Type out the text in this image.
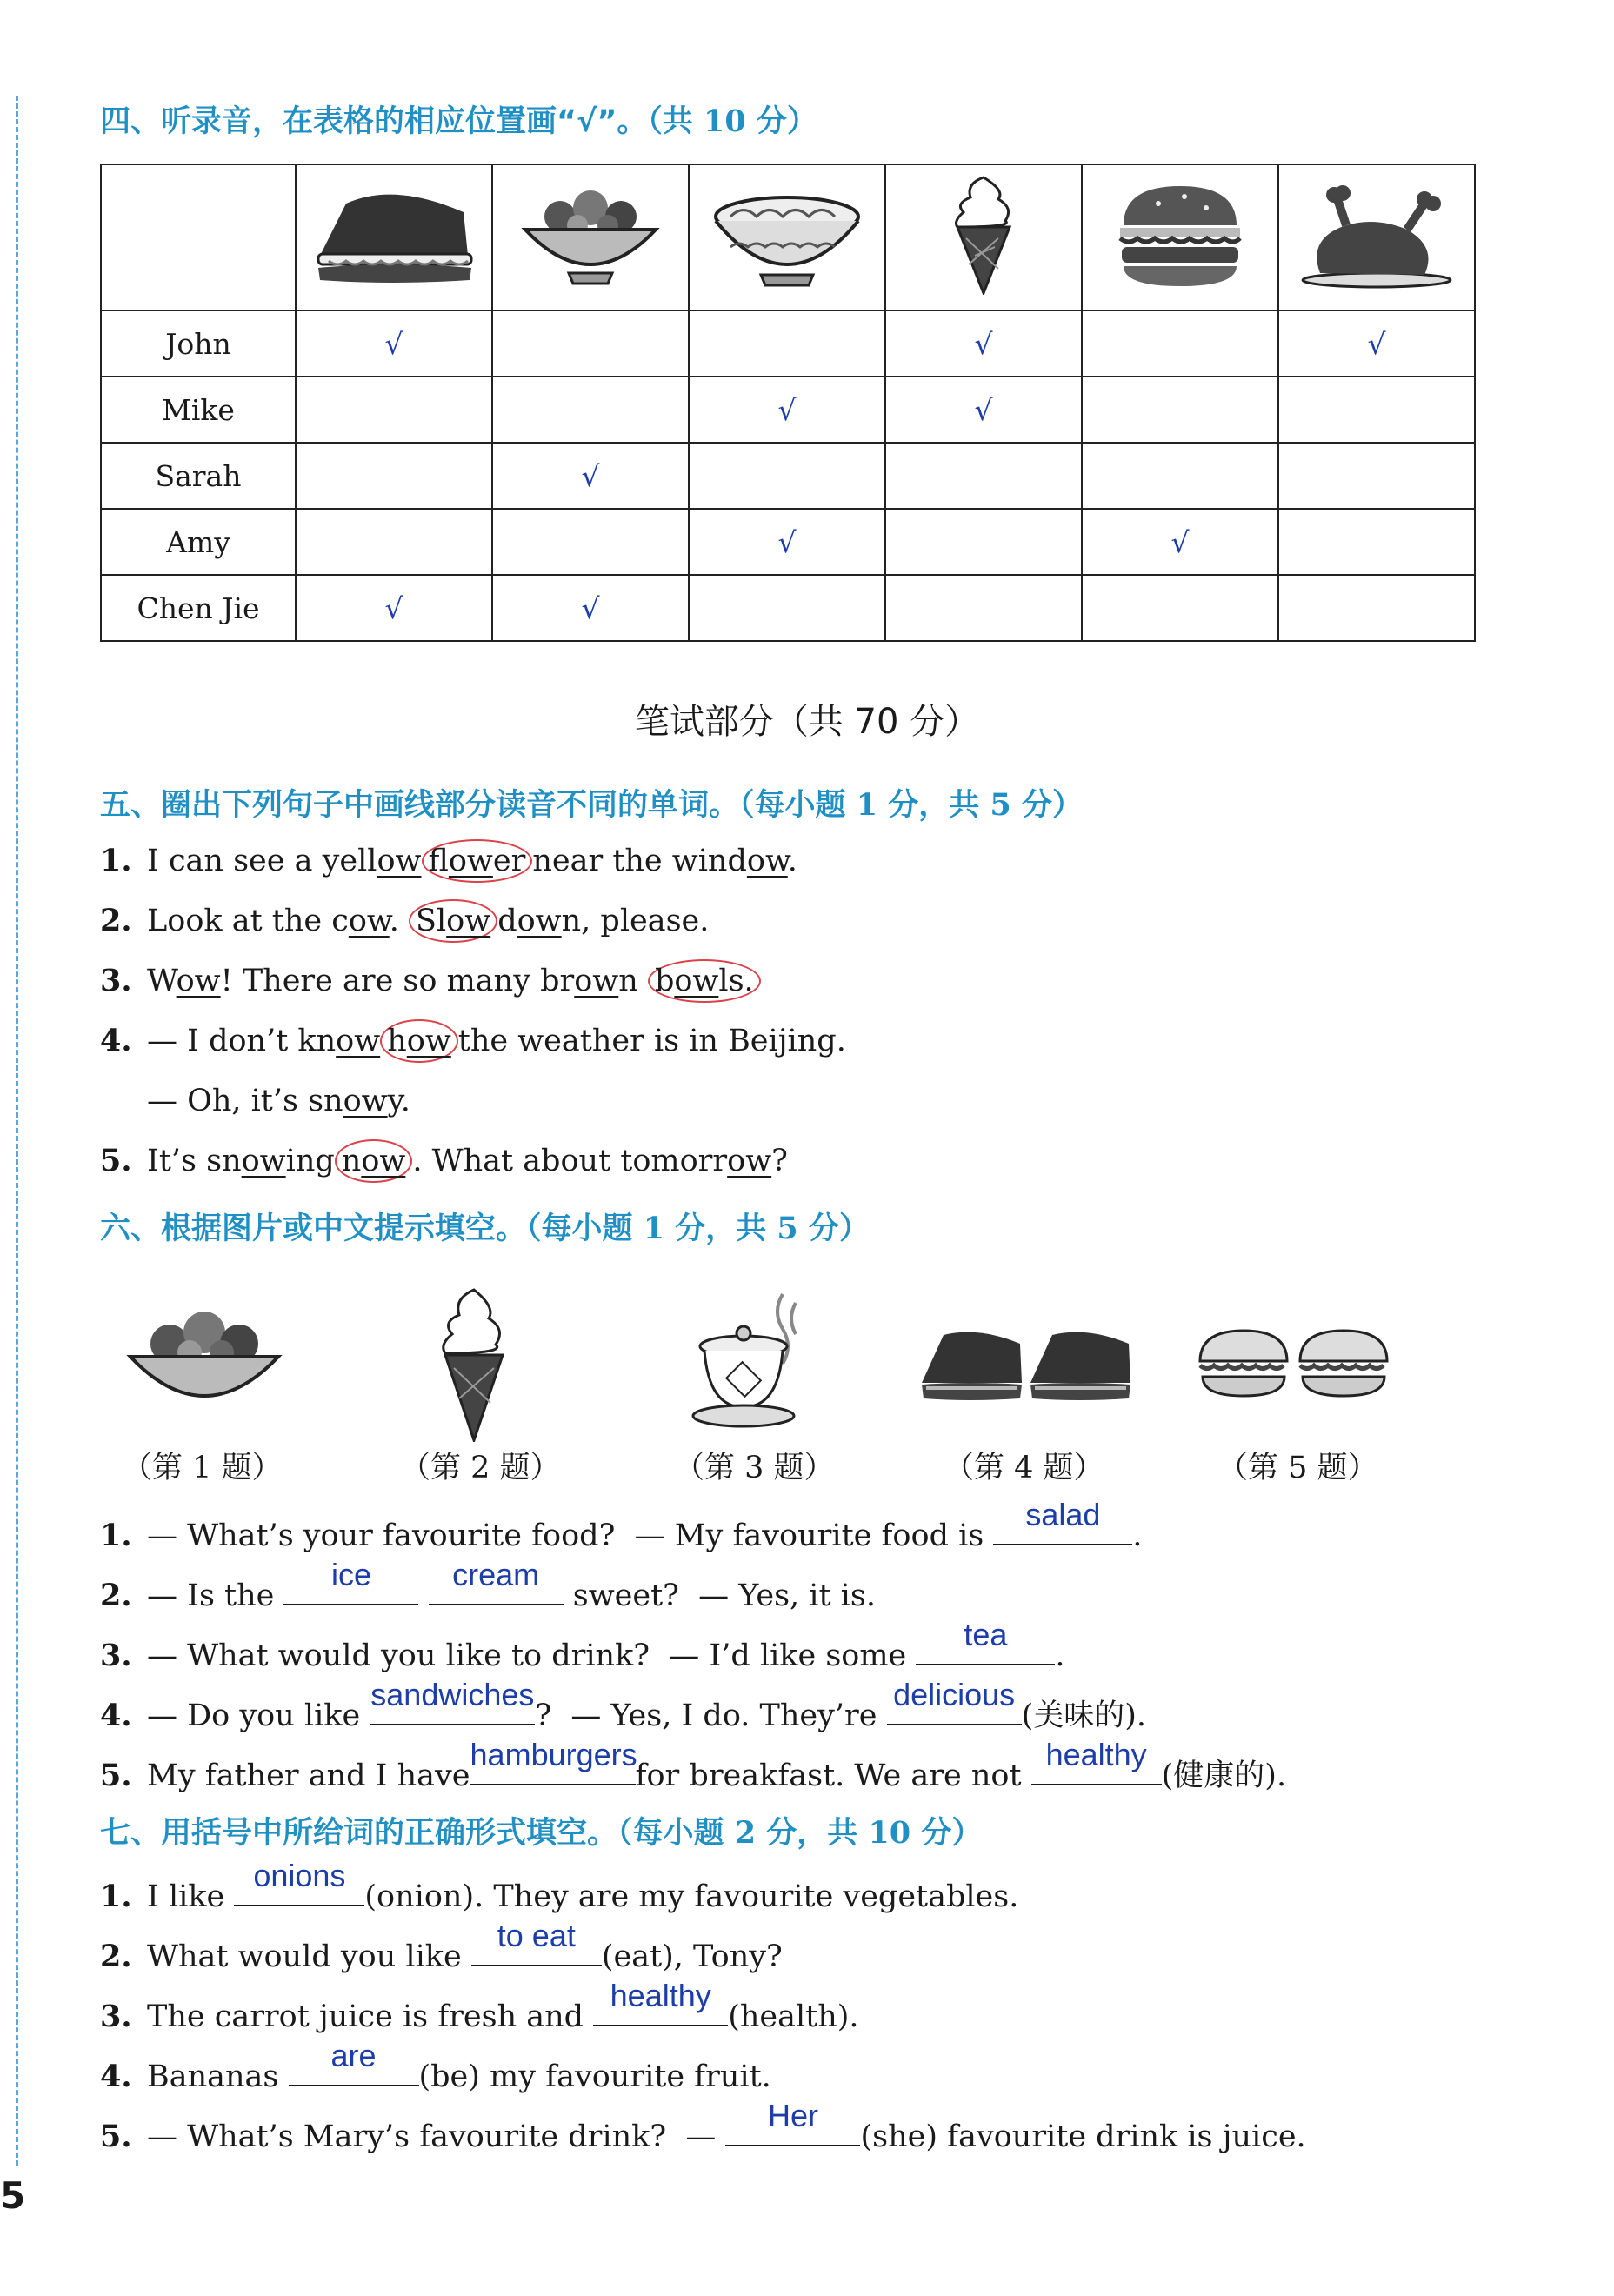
四、听录音，在表格的相应位置画“√”。（共 10 分）

John	√			√		√
Mike			√	√		
Sarah		√				
Amy			√		√	
Chen Jie	√	√				
笔试部分（共 70 分）
五、圈出下列句子中画线部分读音不同的单词。（每小题 1 分，共 5 分）
1. I can see a yellow flower near the window.
2. Look at the cow. Slow down, please.
3. Wow! There are so many brown bowls.
4. — I don’t know how the weather is in Beijing.
— Oh, it’s snowy.
5. It’s snowing now . What about tomorrow?
六、根据图片或中文提示填空。（每小题 1 分，共 5 分）
（第 1 题）	（第 2 题）	（第 3 题）	（第 4 题）	（第 5 题）
1. — What’s your favourite food?  — My favourite food is
salad
.
2. — Is the
ice
	cream
sweet?  — Yes, it is.
3. — What would you like to drink?  — I’d like some
tea
.
4. — Do you like
sandwiches
?  — Yes, I do. They’re
delicious
(美味的).
5. My father and I have
hamburgers
for breakfast. We are not
healthy
(健康的).
七、用括号中所给词的正确形式填空。（每小题 2 分，共 10 分）
1. I like
onions
(onion). They are my favourite vegetables.
2. What would you like
to eat
(eat), Tony?
3. The carrot juice is fresh and
healthy
(health).
4. Bananas
are
(be) my favourite fruit.
5. — What’s Mary’s favourite drink?  —
Her
(she) favourite drink is juice.
5
